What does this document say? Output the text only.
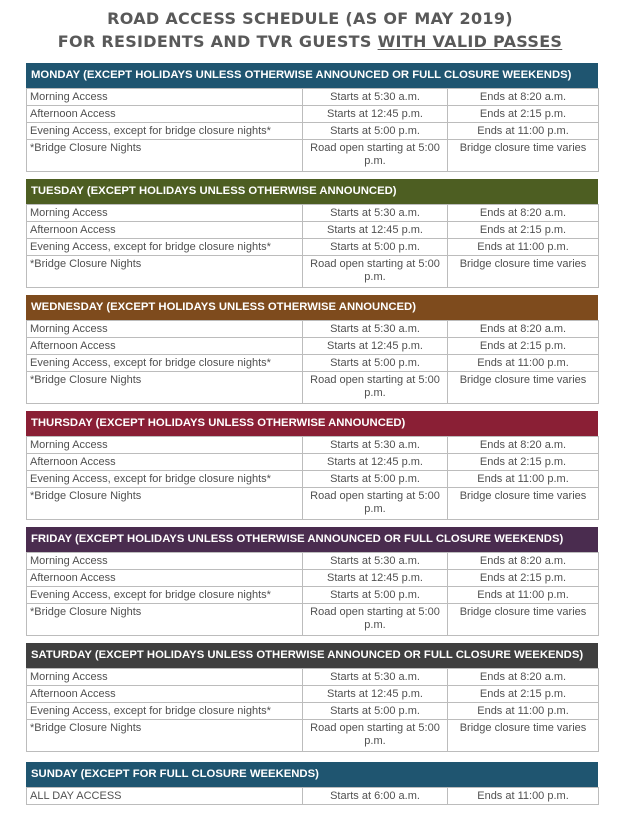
ROAD ACCESS SCHEDULE (AS OF MAY 2019)
FOR RESIDENTS AND TVR GUESTS WITH VALID PASSES
MONDAY (EXCEPT HOLIDAYS UNLESS OTHERWISE ANNOUNCED OR FULL CLOSURE WEEKENDS)
Morning Access	Starts at 5:30 a.m.	Ends at 8:20 a.m.
Afternoon Access	Starts at 12:45 p.m.	Ends at 2:15 p.m.
Evening Access, except for bridge closure nights*	Starts at 5:00 p.m.	Ends at 11:00 p.m.
*Bridge Closure Nights	Road open starting at 5:00 p.m.	Bridge closure time varies
TUESDAY (EXCEPT HOLIDAYS UNLESS OTHERWISE ANNOUNCED)
Morning Access	Starts at 5:30 a.m.	Ends at 8:20 a.m.
Afternoon Access	Starts at 12:45 p.m.	Ends at 2:15 p.m.
Evening Access, except for bridge closure nights*	Starts at 5:00 p.m.	Ends at 11:00 p.m.
*Bridge Closure Nights	Road open starting at 5:00 p.m.	Bridge closure time varies
WEDNESDAY (EXCEPT HOLIDAYS UNLESS OTHERWISE ANNOUNCED)
Morning Access	Starts at 5:30 a.m.	Ends at 8:20 a.m.
Afternoon Access	Starts at 12:45 p.m.	Ends at 2:15 p.m.
Evening Access, except for bridge closure nights*	Starts at 5:00 p.m.	Ends at 11:00 p.m.
*Bridge Closure Nights	Road open starting at 5:00 p.m.	Bridge closure time varies
THURSDAY (EXCEPT HOLIDAYS UNLESS OTHERWISE ANNOUNCED)
Morning Access	Starts at 5:30 a.m.	Ends at 8:20 a.m.
Afternoon Access	Starts at 12:45 p.m.	Ends at 2:15 p.m.
Evening Access, except for bridge closure nights*	Starts at 5:00 p.m.	Ends at 11:00 p.m.
*Bridge Closure Nights	Road open starting at 5:00 p.m.	Bridge closure time varies
FRIDAY (EXCEPT HOLIDAYS UNLESS OTHERWISE ANNOUNCED OR FULL CLOSURE WEEKENDS)
Morning Access	Starts at 5:30 a.m.	Ends at 8:20 a.m.
Afternoon Access	Starts at 12:45 p.m.	Ends at 2:15 p.m.
Evening Access, except for bridge closure nights*	Starts at 5:00 p.m.	Ends at 11:00 p.m.
*Bridge Closure Nights	Road open starting at 5:00 p.m.	Bridge closure time varies
SATURDAY (EXCEPT HOLIDAYS UNLESS OTHERWISE ANNOUNCED OR FULL CLOSURE WEEKENDS)
Morning Access	Starts at 5:30 a.m.	Ends at 8:20 a.m.
Afternoon Access	Starts at 12:45 p.m.	Ends at 2:15 p.m.
Evening Access, except for bridge closure nights*	Starts at 5:00 p.m.	Ends at 11:00 p.m.
*Bridge Closure Nights	Road open starting at 5:00 p.m.	Bridge closure time varies
SUNDAY (EXCEPT FOR FULL CLOSURE WEEKENDS)
ALL DAY ACCESS	Starts at 6:00 a.m.	Ends at 11:00 p.m.
